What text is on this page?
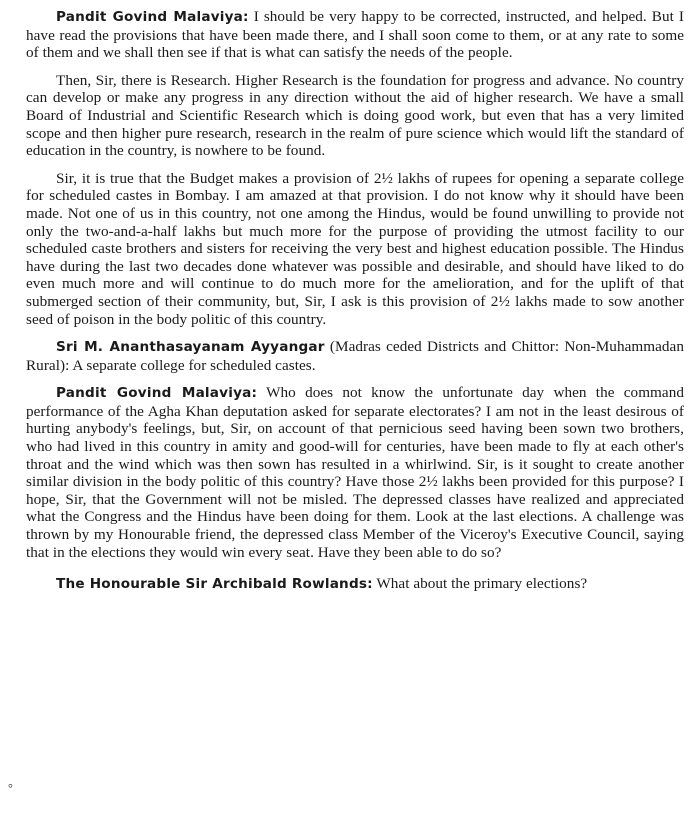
Pandit Govind Malaviya: I should be very happy to be corrected, instructed, and helped. But I have read the provisions that have been made there, and I shall soon come to them, or at any rate to some of them and we shall then see if that is what can satisfy the needs of the people.

Then, Sir, there is Research. Higher Research is the foundation for progress and advance. No country can develop or make any progress in any direction without the aid of higher research. We have a small Board of Industrial and Scientific Research which is doing good work, but even that has a very limited scope and then higher pure research, research in the realm of pure science which would lift the standard of education in the country, is nowhere to be found.

Sir, it is true that the Budget makes a provision of 2½ lakhs of rupees for opening a separate college for scheduled castes in Bombay. I am amazed at that provision. I do not know why it should have been made. Not one of us in this country, not one among the Hindus, would be found unwilling to provide not only the two-and-a-half lakhs but much more for the purpose of providing the utmost facility to our scheduled caste brothers and sisters for receiving the very best and highest education possible. The Hindus have during the last two decades done whatever was possible and desirable, and should have liked to do even much more and will continue to do much more for the amelioration, and for the uplift of that submerged section of their community, but, Sir, I ask is this provision of 2½ lakhs made to sow another seed of poison in the body politic of this country.

Sri M. Ananthasayanam Ayyangar (Madras ceded Districts and Chittor: Non-Muhammadan Rural): A separate college for scheduled castes.

Pandit Govind Malaviya: Who does not know the unfortunate day when the command performance of the Agha Khan deputation asked for separate electorates? I am not in the least desirous of hurting anybody's feelings, but, Sir, on account of that pernicious seed having been sown two brothers, who had lived in this country in amity and good-will for centuries, have been made to fly at each other's throat and the wind which was then sown has resulted in a whirlwind. Sir, is it sought to create another similar division in the body politic of this country? Have those 2½ lakhs been provided for this purpose? I hope, Sir, that the Government will not be misled. The depressed classes have realized and appreciated what the Congress and the Hindus have been doing for them. Look at the last elections. A challenge was thrown by my Honourable friend, the depressed class Member of the Viceroy's Executive Council, saying that in the elections they would win every seat. Have they been able to do so?

The Honourable Sir Archibald Rowlands: What about the primary elections?

°
